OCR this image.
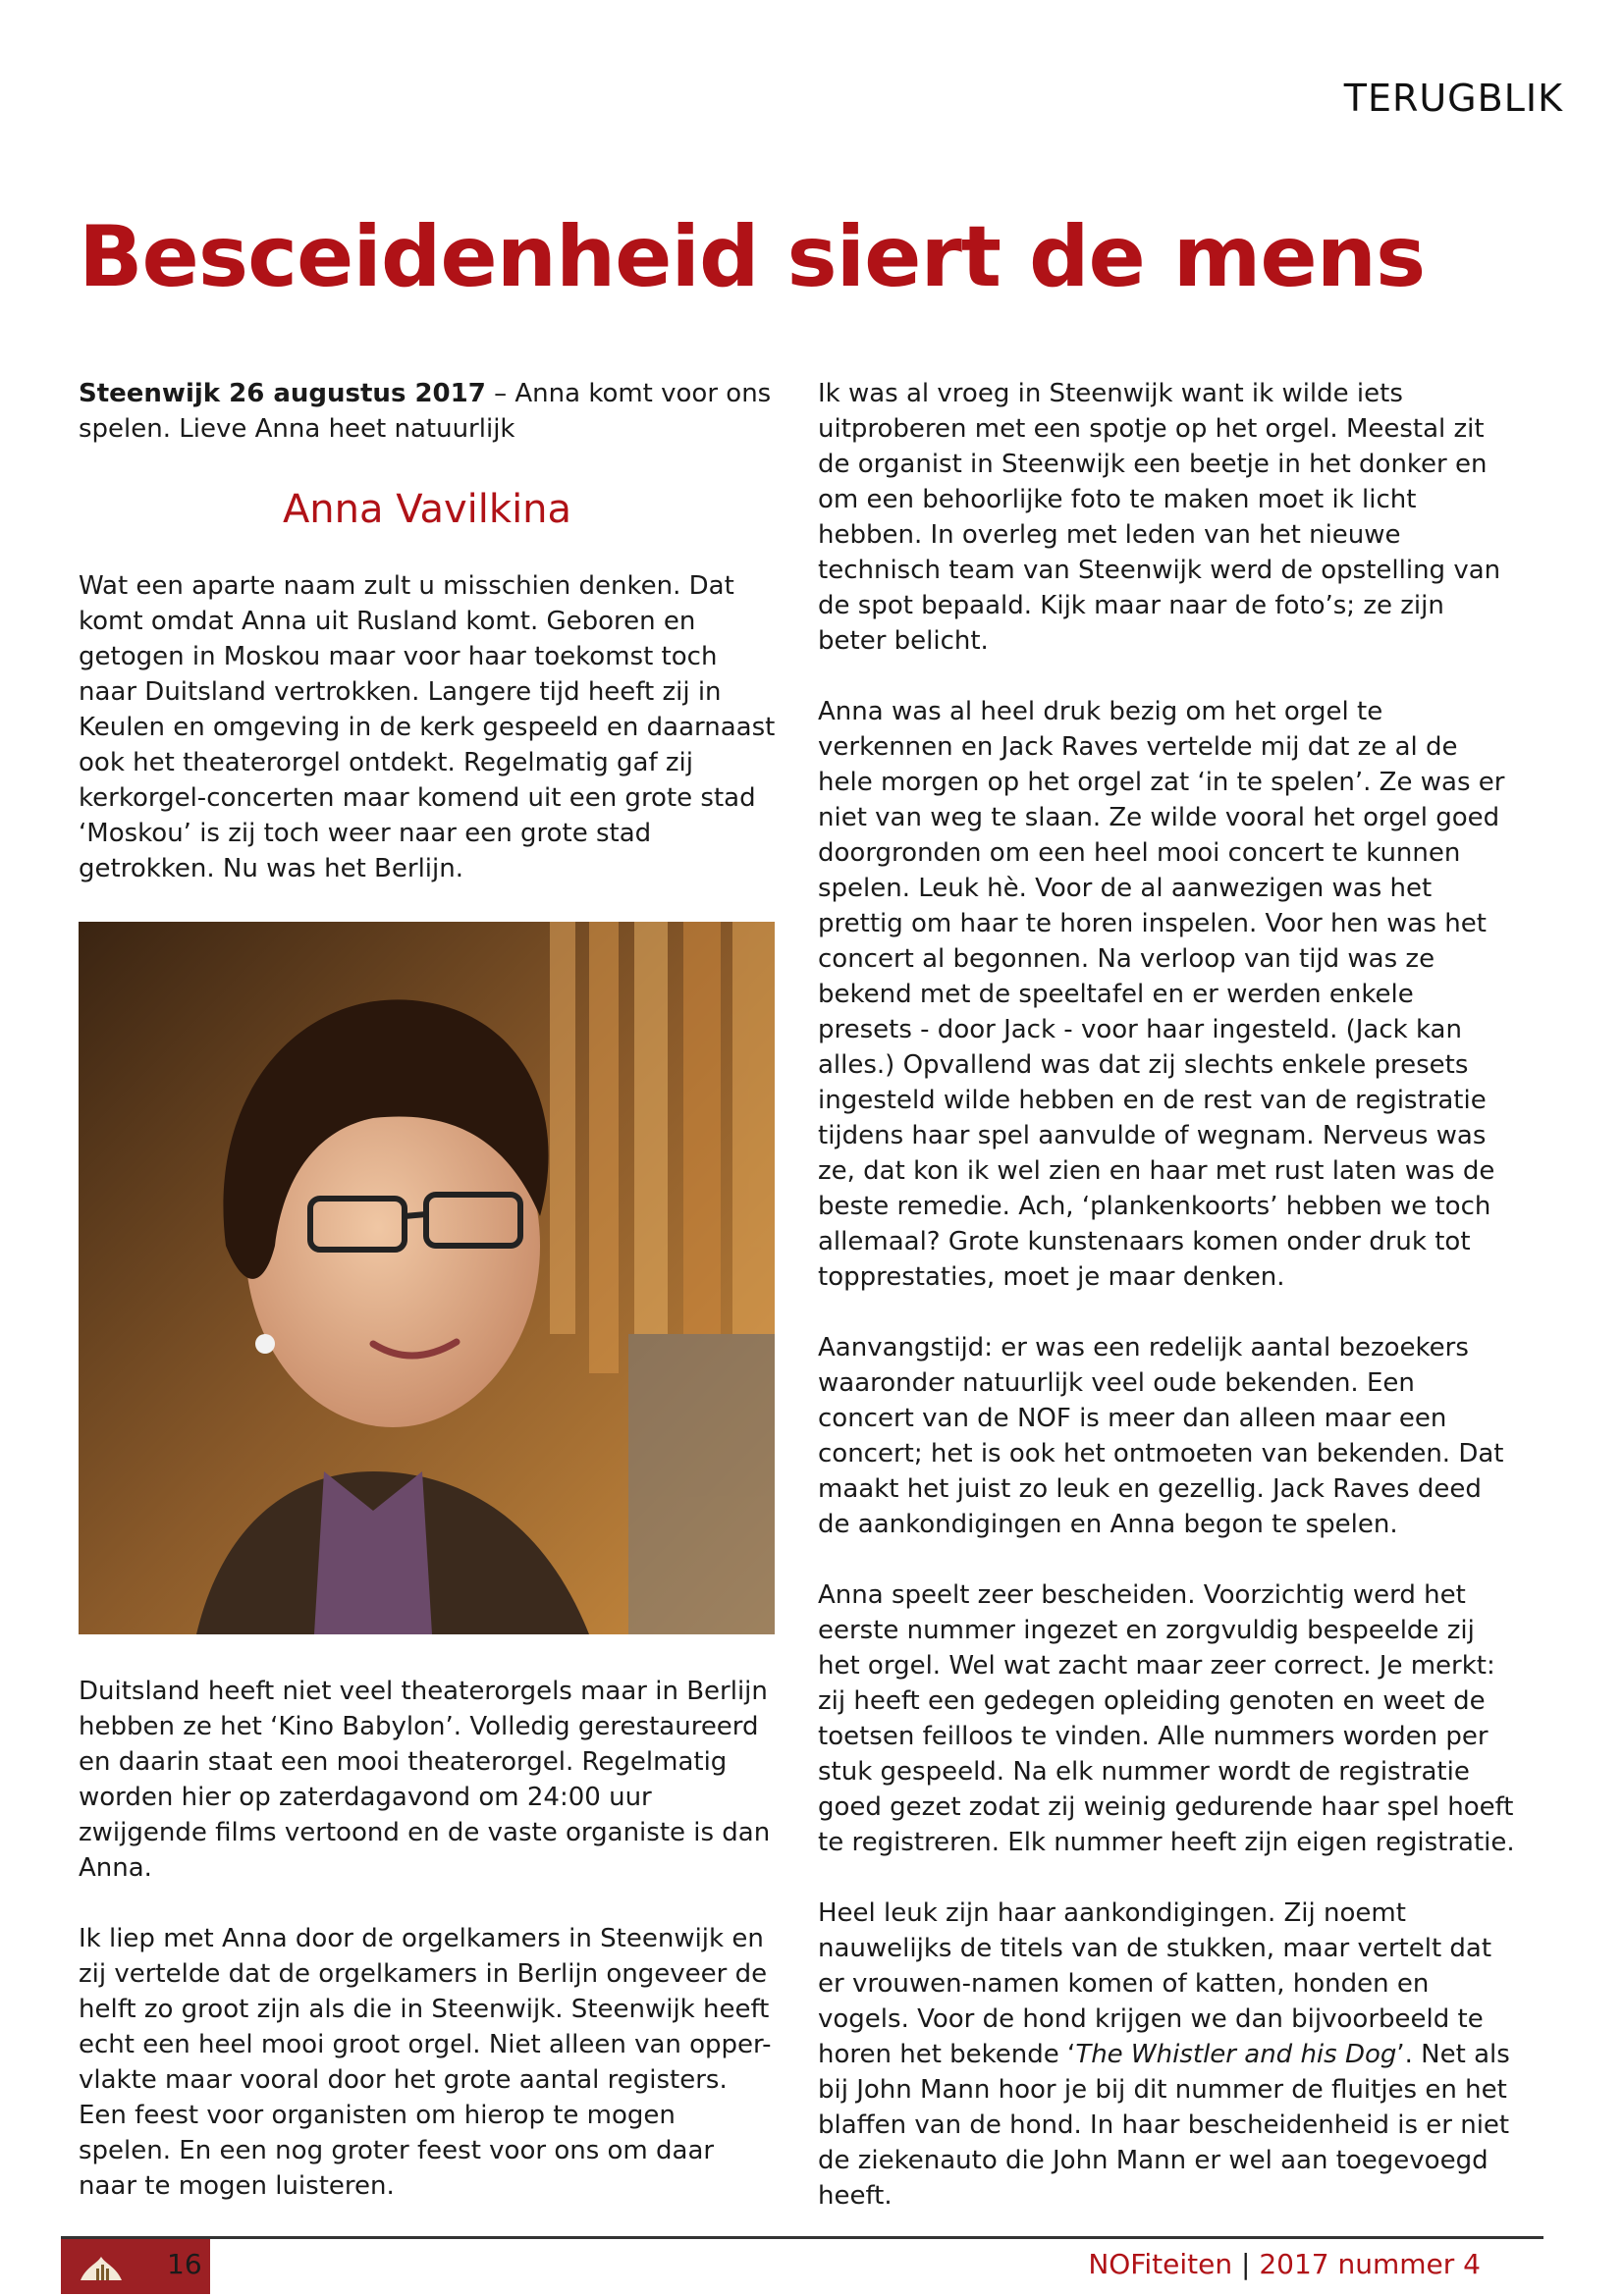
TERUGBLIK
Besceidenheid siert de mens

Steenwijk 26 augustus 2017 – Anna komt voor ons spelen. Lieve Anna heet natuurlijk

Anna Vavilkina

Wat een aparte naam zult u misschien denken. Dat komt omdat Anna uit Rusland komt. Geboren en getogen in Moskou maar voor haar toekomst toch naar Duitsland vertrokken. Langere tijd heeft zij in Keulen en omgeving in de kerk gespeeld en daarnaast ook het theaterorgel ontdekt. Regelmatig gaf zij kerkorgel-concerten maar komend uit een grote stad ‘Moskou’ is zij toch weer naar een grote stad getrokken. Nu was het Berlijn.

Duitsland heeft niet veel theaterorgels maar in Berlijn hebben ze het ‘Kino Babylon’. Volledig gerestaureerd en daarin staat een mooi theaterorgel. Regelmatig worden hier op zaterdagavond om 24:00 uur zwijgende films vertoond en de vaste organiste is dan Anna.

Ik liep met Anna door de orgelkamers in Steenwijk en zij vertelde dat de orgelkamers in Berlijn ongeveer de helft zo groot zijn als die in Steenwijk. Steenwijk heeft echt een heel mooi groot orgel. Niet alleen van opper-vlakte maar vooral door het grote aantal registers. Een feest voor organisten om hierop te mogen spelen. En een nog groter feest voor ons om daar naar te mogen luisteren.

Ik was al vroeg in Steenwijk want ik wilde iets uitproberen met een spotje op het orgel. Meestal zit de organist in Steenwijk een beetje in het donker en om een behoorlijke foto te maken moet ik licht hebben. In overleg met leden van het nieuwe technisch team van Steenwijk werd de opstelling van de spot bepaald. Kijk maar naar de foto’s; ze zijn beter belicht.

Anna was al heel druk bezig om het orgel te verkennen en Jack Raves vertelde mij dat ze al de hele morgen op het orgel zat ‘in te spelen’. Ze was er niet van weg te slaan. Ze wilde vooral het orgel goed doorgronden om een heel mooi concert te kunnen spelen. Leuk hè. Voor de al aanwezigen was het prettig om haar te horen inspelen. Voor hen was het concert al begonnen. Na verloop van tijd was ze bekend met de speeltafel en er werden enkele presets - door Jack - voor haar ingesteld. (Jack kan alles.) Opvallend was dat zij slechts enkele presets ingesteld wilde hebben en de rest van de registratie tijdens haar spel aanvulde of wegnam. Nerveus was ze, dat kon ik wel zien en haar met rust laten was de beste remedie. Ach, ‘plankenkoorts’ hebben we toch allemaal? Grote kunstenaars komen onder druk tot topprestaties, moet je maar denken.

Aanvangstijd: er was een redelijk aantal bezoekers waaronder natuurlijk veel oude bekenden. Een concert van de NOF is meer dan alleen maar een concert; het is ook het ontmoeten van bekenden. Dat maakt het juist zo leuk en gezellig. Jack Raves deed de aankondigingen en Anna begon te spelen.

Anna speelt zeer bescheiden. Voorzichtig werd het eerste nummer ingezet en zorgvuldig bespeelde zij het orgel. Wel wat zacht maar zeer correct. Je merkt: zij heeft een gedegen opleiding genoten en weet de toetsen feilloos te vinden. Alle nummers worden per stuk gespeeld. Na elk nummer wordt de registratie goed gezet zodat zij weinig gedurende haar spel hoeft te registreren. Elk nummer heeft zijn eigen registratie.

Heel leuk zijn haar aankondigingen. Zij noemt nauwelijks de titels van de stukken, maar vertelt dat er vrouwen-namen komen of katten, honden en vogels. Voor de hond krijgen we dan bijvoorbeeld te horen het bekende ‘The Whistler and his Dog’. Net als bij John Mann hoor je bij dit nummer de fluitjes en het blaffen van de hond. In haar bescheidenheid is er niet de ziekenauto die John Mann er wel aan toegevoegd heeft.

16	NOFiteiten | 2017 nummer 4
